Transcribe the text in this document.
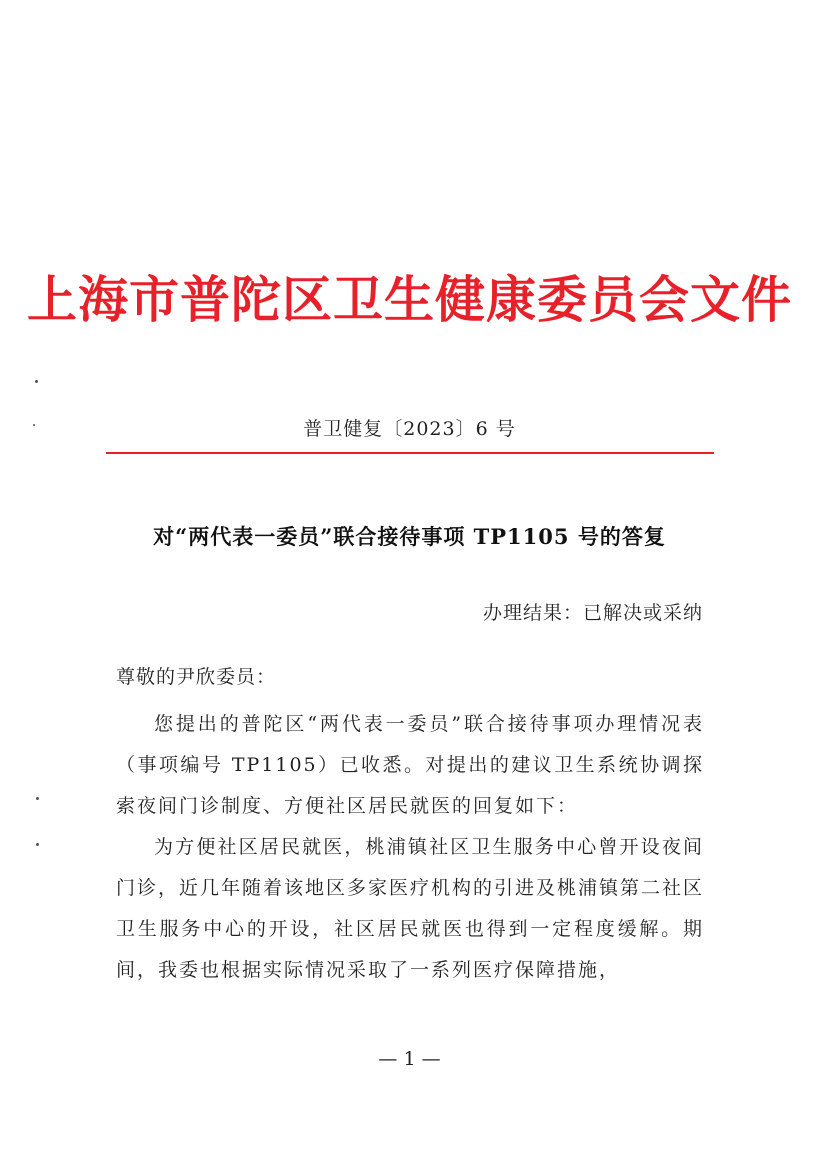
上海市普陀区卫生健康委员会文件
普卫健复〔2023〕6 号
对“两代表一委员”联合接待事项 TP1105 号的答复
办理结果：已解决或采纳
尊敬的尹欣委员：

您提出的普陀区“两代表一委员”联合接待事项办理情况表（事项编号 TP1105）已收悉。对提出的建议卫生系统协调探索夜间门诊制度、方便社区居民就医的回复如下：

为方便社区居民就医，桃浦镇社区卫生服务中心曾开设夜间门诊，近几年随着该地区多家医疗机构的引进及桃浦镇第二社区卫生服务中心的开设，社区居民就医也得到一定程度缓解。期间，我委也根据实际情况采取了一系列医疗保障措施，

— 1 —
